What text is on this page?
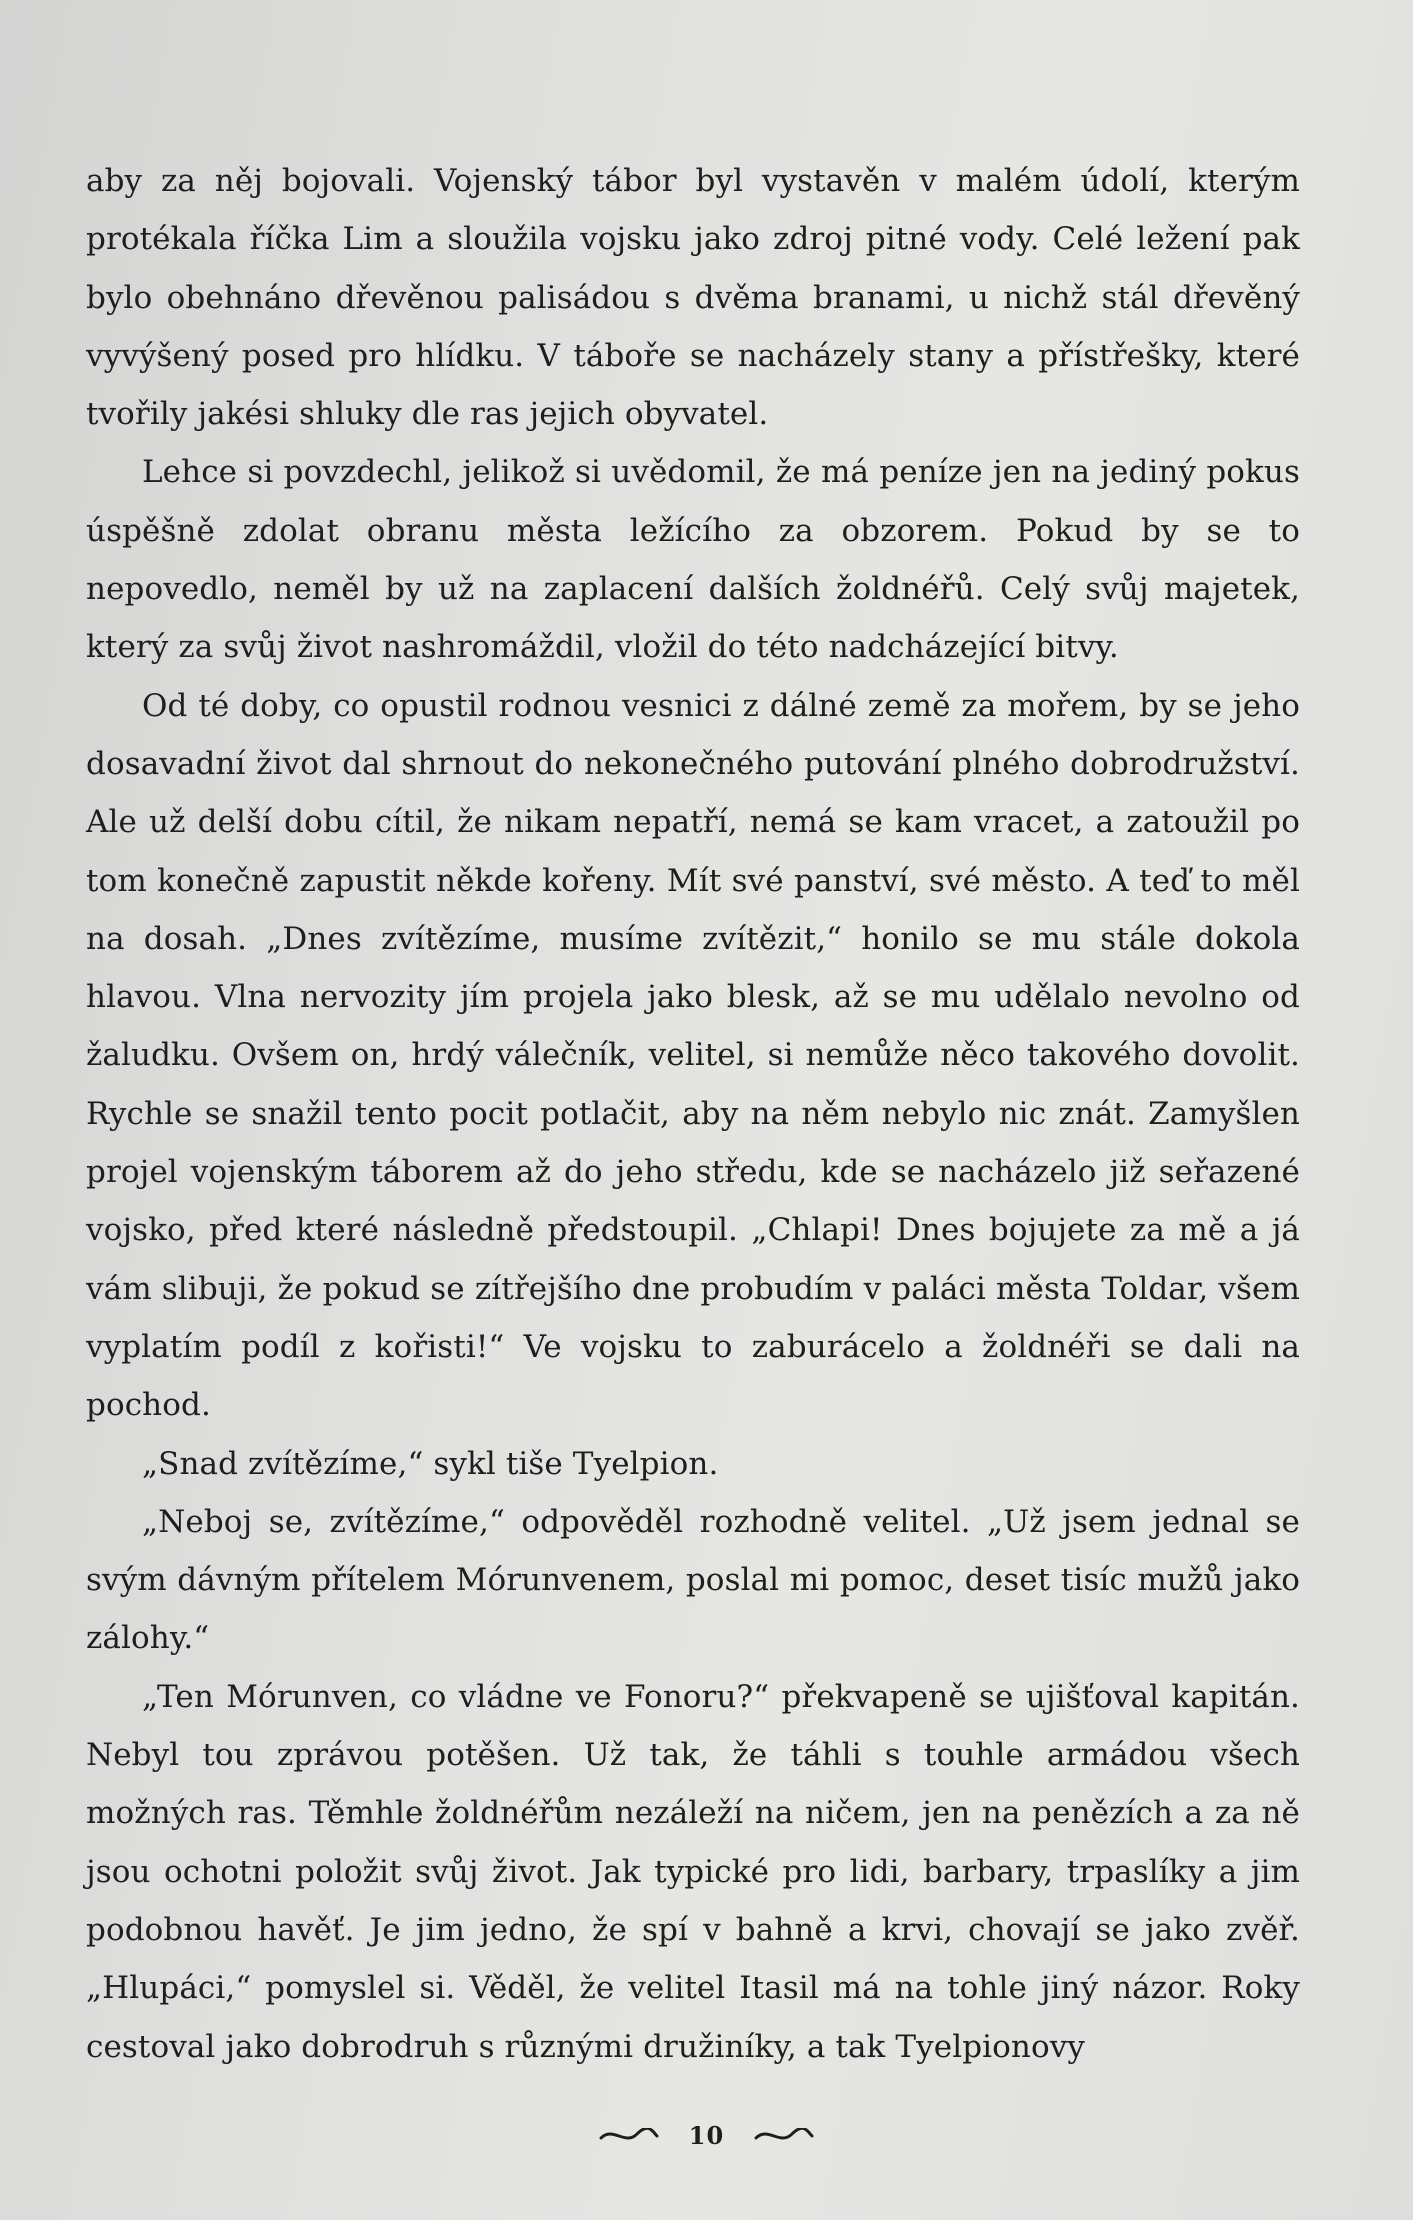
aby za něj bojovali. Vojenský tábor byl vystavěn v malém údolí, kterým protékala říčka Lim a sloužila vojsku jako zdroj pitné vody. Celé ležení pak bylo obehnáno dřevěnou palisádou s dvěma branami, u nichž stál dřevěný vyvýšený posed pro hlídku. V táboře se nacházely stany a přístřešky, které tvořily jakési shluky dle ras jejich obyvatel.

Lehce si povzdechl, jelikož si uvědomil, že má peníze jen na jediný pokus úspěšně zdolat obranu města ležícího za obzorem. Pokud by se to nepovedlo, neměl by už na zaplacení dalších žoldnéřů. Celý svůj majetek, který za svůj život nashromáždil, vložil do této nadcházející bitvy.

Od té doby, co opustil rodnou vesnici z dálné země za mořem, by se jeho dosavadní život dal shrnout do nekonečného putování plného dobrodružství. Ale už delší dobu cítil, že nikam nepatří, nemá se kam vracet, a zatoužil po tom konečně zapustit někde kořeny. Mít své panství, své město. A teď to měl na dosah. „Dnes zvítězíme, musíme zvítězit,“ honilo se mu stále dokola hlavou. Vlna nervozity jím projela jako blesk, až se mu udělalo nevolno od žaludku. Ovšem on, hrdý válečník, velitel, si nemůže něco takového dovolit. Rychle se snažil tento pocit potlačit, aby na něm nebylo nic znát. Zamyšlen projel vojenským táborem až do jeho středu, kde se nacházelo již seřazené vojsko, před které následně předstoupil. „Chlapi! Dnes bojujete za mě a já vám slibuji, že pokud se zítřejšího dne probudím v paláci města Toldar, všem vyplatím podíl z kořisti!“ Ve vojsku to zaburácelo a žoldnéři se dali na pochod.

„Snad zvítězíme,“ sykl tiše Tyelpion.

„Neboj se, zvítězíme,“ odpověděl rozhodně velitel. „Už jsem jednal se svým dávným přítelem Mórunvenem, poslal mi pomoc, deset tisíc mužů jako zálohy.“

„Ten Mórunven, co vládne ve Fonoru?“ překvapeně se ujišťoval kapitán. Nebyl tou zprávou potěšen. Už tak, že táhli s touhle armádou všech možných ras. Těmhle žoldnéřům nezáleží na ničem, jen na penězích a za ně jsou ochotni položit svůj život. Jak typické pro lidi, barbary, trpaslíky a jim podobnou havěť. Je jim jedno, že spí v bahně a krvi, chovají se jako zvěř. „Hlupáci,“ pomyslel si. Věděl, že velitel Itasil má na tohle jiný názor. Roky cestoval jako dobrodruh s různými družiníky, a tak Tyelpionovy

10
